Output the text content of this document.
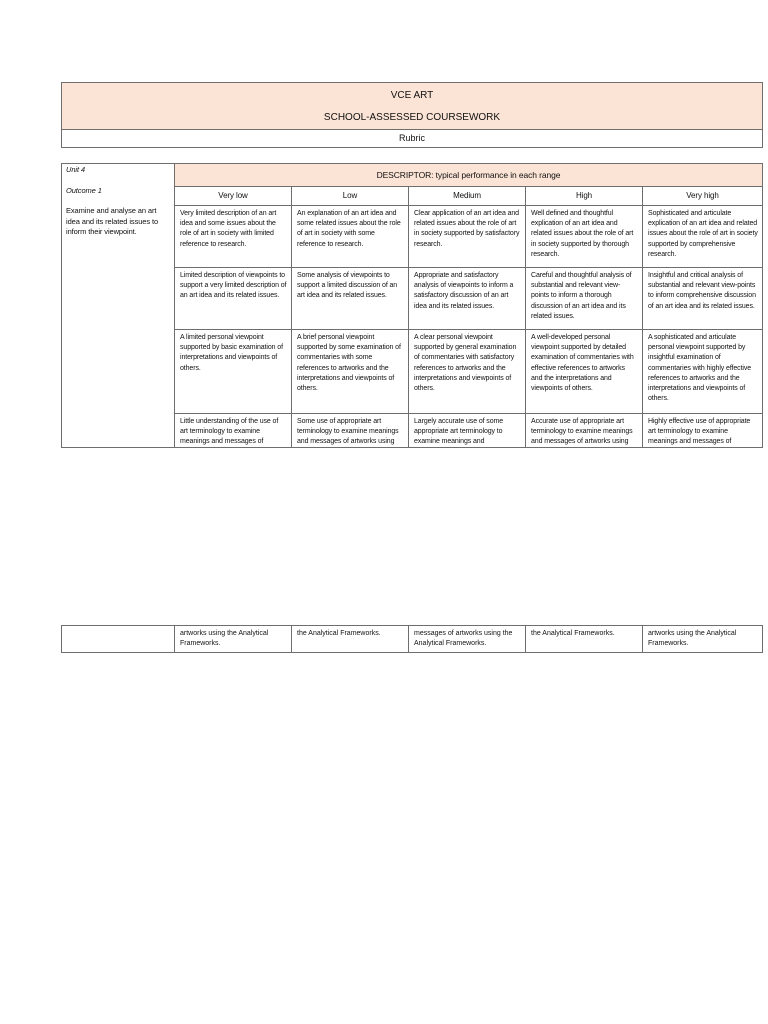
VCE ART
SCHOOL-ASSESSED COURSEWORK

Rubric
Unit 4
Outcome 1
Examine and analyse an art idea and its related issues to inform their viewpoint.	DESCRIPTOR: typical performance in each range				
	Very low	Low	Medium	High	Very high
	Very limited description of an art idea and some issues about the role of art in society with limited reference to research.	An explanation of an art idea and some related issues about the role of art in society with some reference to research.	Clear application of an art idea and related issues about the role of art in society supported by satisfactory research.	Well defined and thoughtful explication of an art idea and related issues about the role of art in society supported by thorough research.	Sophisticated and articulate explication of an art idea and related issues about the role of art in society supported by comprehensive research.
	Limited description of viewpoints to support a very limited description of an art idea and its related issues.	Some analysis of viewpoints to support a limited discussion of an art idea and its related issues.	Appropriate and satisfactory analysis of viewpoints to inform a satisfactory discussion of an art idea and its related issues.	Careful and thoughtful analysis of substantial and relevant view-points to inform a thorough discussion of an art idea and its related issues.	Insightful and critical analysis of substantial and relevant view-points to inform comprehensive discussion of an art idea and its related issues.
	A limited personal viewpoint supported by basic examination of interpretations and viewpoints of others.	A brief personal viewpoint supported by some examination of commentaries with some references to artworks and the interpretations and viewpoints of others.	A clear personal viewpoint supported by general examination of commentaries with satisfactory references to artworks and the interpretations and viewpoints of others.	A well-developed personal viewpoint supported by detailed examination of commentaries with effective references to artworks and the interpretations and viewpoints of others.	A sophisticated and articulate personal viewpoint supported by insightful examination of commentaries with highly effective references to artworks and the interpretations and viewpoints of others.

	Little understanding of the use of art terminology to examine meanings and messages of	Some use of appropriate art terminology to examine meanings and messages of artworks using	Largely accurate use of some appropriate art terminology to examine meanings and	Accurate use of appropriate art terminology to examine meanings and messages of artworks using	Highly effective use of appropriate art terminology to examine meanings and messages of
	artworks using the Analytical Frameworks.	the Analytical Frameworks.	messages of artworks using the Analytical Frameworks.	the Analytical Frameworks.	artworks using the Analytical Frameworks.
